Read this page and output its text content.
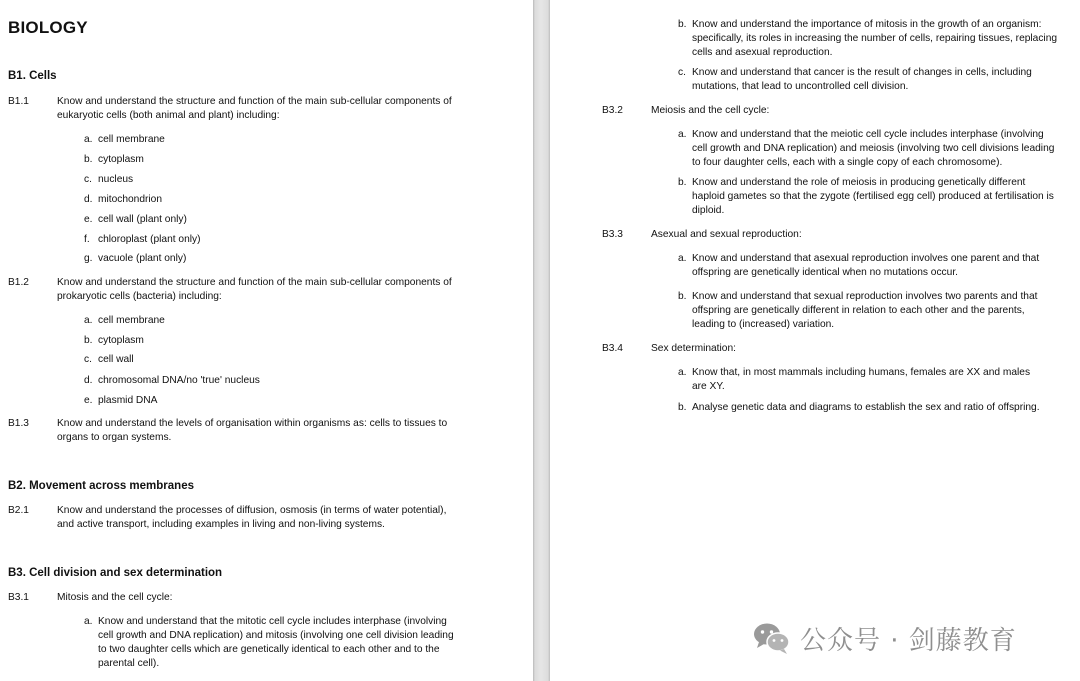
BIOLOGY
B1. Cells
B1.1	Know and understand the structure and function of the main sub-cellular components of
eukaryotic cells (both animal and plant) including:
a. cell membrane
b. cytoplasm
c. nucleus
d. mitochondrion
e. cell wall (plant only)
f. chloroplast (plant only)
g. vacuole (plant only)
B1.2	Know and understand the structure and function of the main sub-cellular components of
prokaryotic cells (bacteria) including:
a. cell membrane
b. cytoplasm
c. cell wall
d. chromosomal DNA/no 'true' nucleus
e. plasmid DNA
B1.3	Know and understand the levels of organisation within organisms as: cells to tissues to
organs to organ systems.
B2. Movement across membranes
B2.1	Know and understand the processes of diffusion, osmosis (in terms of water potential),
and active transport, including examples in living and non-living systems.
B3. Cell division and sex determination
B3.1	Mitosis and the cell cycle:
a. Know and understand that the mitotic cell cycle includes interphase (involving
cell growth and DNA replication) and mitosis (involving one cell division leading
to two daughter cells which are genetically identical to each other and to the
parental cell).
b. Know and understand the importance of mitosis in the growth of an organism:
specifically, its roles in increasing the number of cells, repairing tissues, replacing
cells and asexual reproduction.
c. Know and understand that cancer is the result of changes in cells, including
mutations, that lead to uncontrolled cell division.
B3.2	Meiosis and the cell cycle:
a. Know and understand that the meiotic cell cycle includes interphase (involving
cell growth and DNA replication) and meiosis (involving two cell divisions leading
to four daughter cells, each with a single copy of each chromosome).
b. Know and understand the role of meiosis in producing genetically different
haploid gametes so that the zygote (fertilised egg cell) produced at fertilisation is
diploid.
B3.3	Asexual and sexual reproduction:
a. Know and understand that asexual reproduction involves one parent and that
offspring are genetically identical when no mutations occur.
b. Know and understand that sexual reproduction involves two parents and that
offspring are genetically different in relation to each other and the parents,
leading to (increased) variation.
B3.4	Sex determination:
a. Know that, in most mammals including humans, females are XX and males
are XY.
b. Analyse genetic data and diagrams to establish the sex and ratio of offspring.
公众号 · 剑藤教育
